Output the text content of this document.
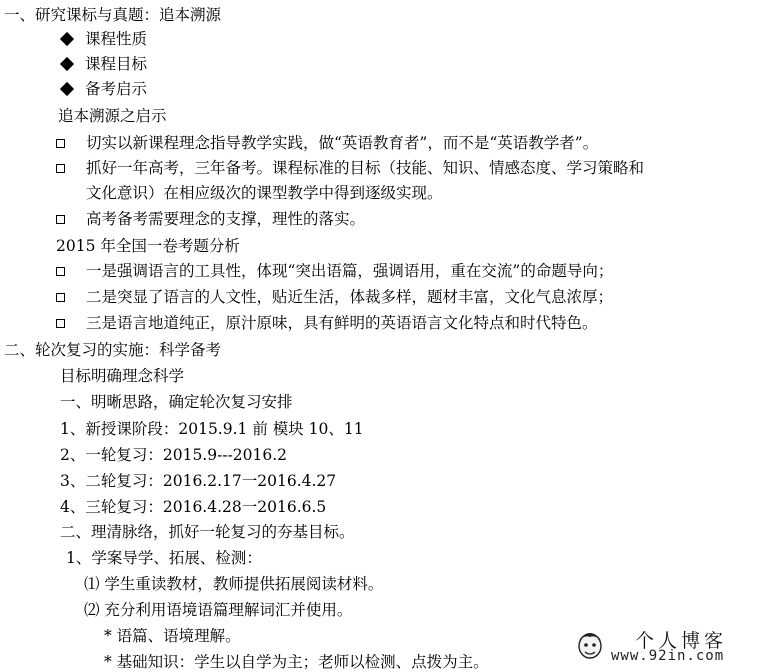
一、研究课标与真题：追本溯源
课程性质
课程目标
备考启示
追本溯源之启示
切实以新课程理念指导教学实践，做“英语教育者”，而不是“英语教学者”。
抓好一年高考，三年备考。课程标准的目标（技能、知识、情感态度、学习策略和
文化意识）在相应级次的课型教学中得到逐级实现。
高考备考需要理念的支撑，理性的落实。
2015 年全国一卷考题分析
一是强调语言的工具性，体现“突出语篇，强调语用，重在交流”的命题导向；
二是突显了语言的人文性，贴近生活，体裁多样，题材丰富，文化气息浓厚；
三是语言地道纯正，原汁原味，具有鲜明的英语语言文化特点和时代特色。
二、轮次复习的实施：科学备考
目标明确理念科学
一、明晰思路，确定轮次复习安排
1、新授课阶段：2015.9.1 前 模块 10、11
2、一轮复习：2015.9---2016.2
3、二轮复习：2016.2.17一2016.4.27
4、三轮复习：2016.4.28一2016.6.5
二、理清脉络，抓好一轮复习的夯基目标。
1、学案导学、拓展、检测：
⑴ 学生重读教材，教师提供拓展阅读材料。
⑵ 充分利用语境语篇理解词汇并使用。
* 语篇、语境理解。
* 基础知识：学生以自学为主；老师以检测、点拨为主。
个人博客
www.92in.com
